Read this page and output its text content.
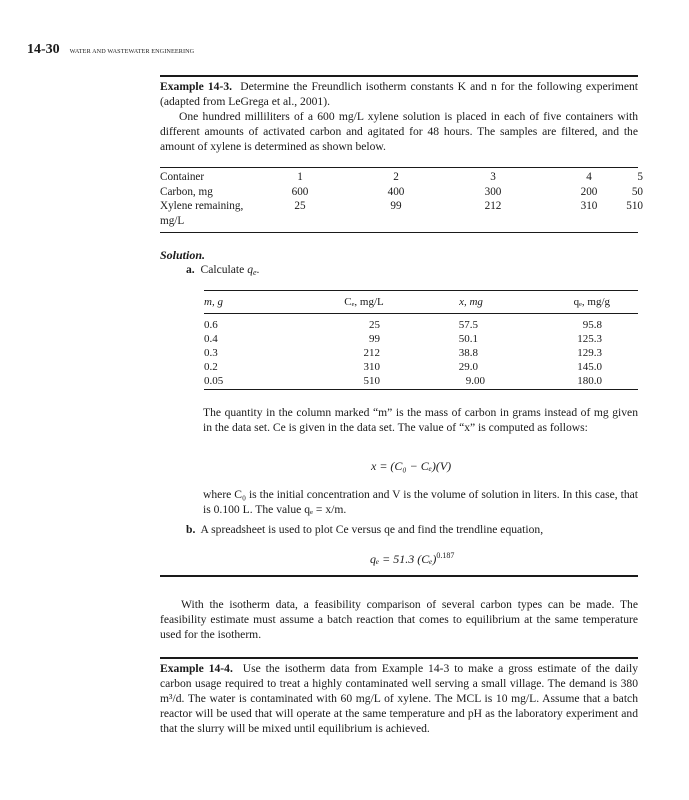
14-30 WATER AND WASTEWATER ENGINEERING

Example 14-3. Determine the Freundlich isotherm constants K and n for the following experiment (adapted from LeGrega et al., 2001).

One hundred milliliters of a 600 mg/L xylene solution is placed in each of five containers with different amounts of activated carbon and agitated for 48 hours. The samples are filtered, and the amount of xylene is determined as shown below.

Container	1	2	3	4	5
Carbon, mg	600	400	300	200	50
Xylene remaining,	25	99	212	310	510
mg/L
Solution.
a. Calculate $q_e$.
m, g	Cₑ, mg/L	x, mg	qₑ, mg/g
0.6	25	57.5	95.8
0.4	99	50.1	125.3
0.3	212	38.8	129.3
0.2	310	29.0	145.0
0.05	510	9.00	180.0
The quantity in the column marked “m” is the mass of carbon in grams instead of mg given in the data set. Ce is given in the data set. The value of “x” is computed as follows:
x = (C₀ − Cₑ)(V)
where C₀ is the initial concentration and V is the volume of solution in liters. In this case, that is 0.100 L. The value qₑ = x/m.
b. A spreadsheet is used to plot Ce versus qe and find the trendline equation,
qₑ = 51.3 $(C_e)^{0.187}$
With the isotherm data, a feasibility comparison of several carbon types can be made. The feasibility estimate must assume a batch reaction that comes to equilibrium at the same temperature used for the isotherm.

Example 14-4. Use the isotherm data from Example 14-3 to make a gross estimate of the daily carbon usage required to treat a highly contaminated well serving a small village. The demand is 380 m³/d. The water is contaminated with 60 mg/L of xylene. The MCL is 10 mg/L. Assume that a batch reactor will be used that will operate at the same temperature and pH as the laboratory experiment and that the slurry will be mixed until equilibrium is achieved.
